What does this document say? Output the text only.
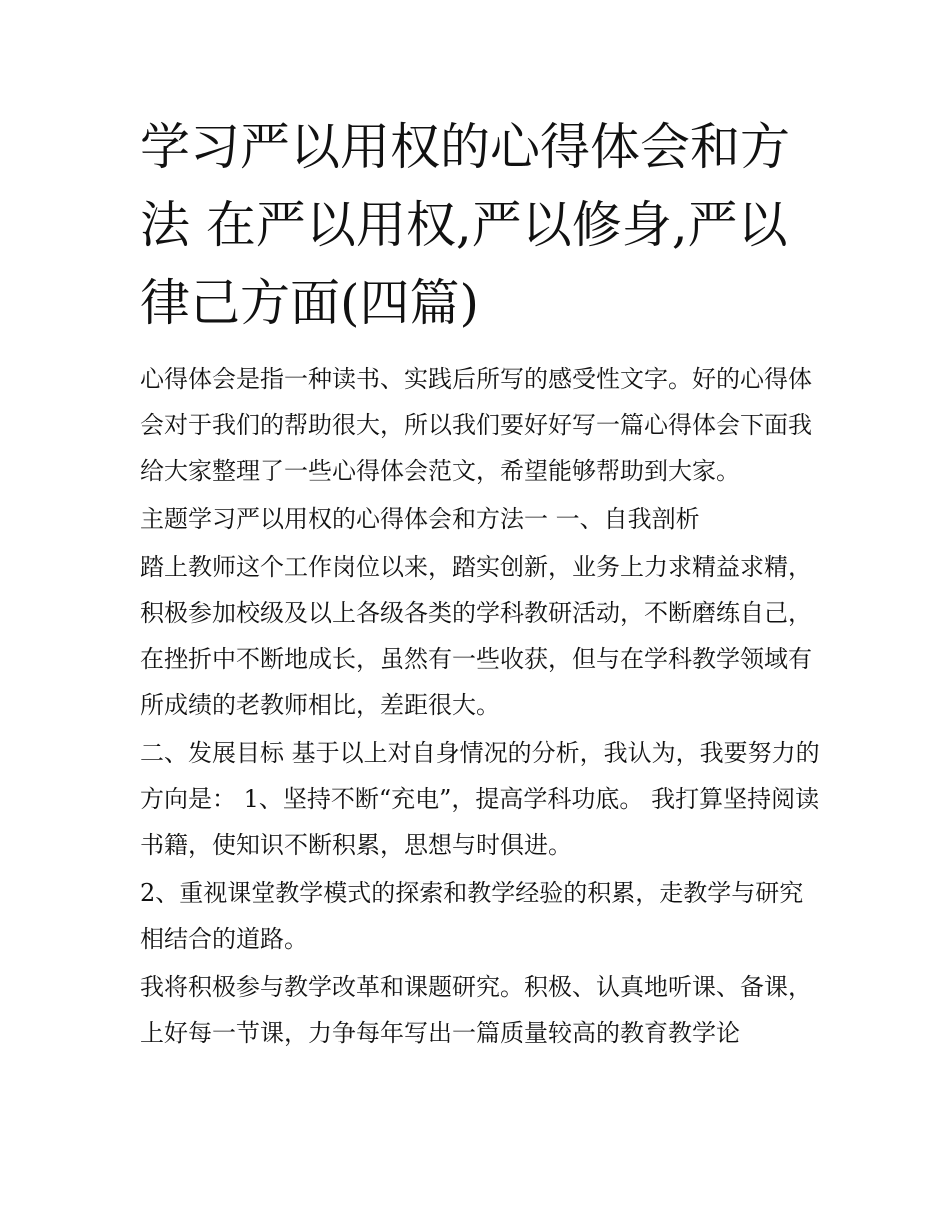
学习严以用权的心得体会和方法 在严以用权,严以修身,严以律己方面(四篇)

心得体会是指一种读书、实践后所写的感受性文字。好的心得体会对于我们的帮助很大，所以我们要好好写一篇心得体会下面我给大家整理了一些心得体会范文，希望能够帮助到大家。

主题学习严以用权的心得体会和方法一 一、自我剖析

踏上教师这个工作岗位以来，踏实创新，业务上力求精益求精，积极参加校级及以上各级各类的学科教研活动，不断磨练自己，在挫折中不断地成长，虽然有一些收获，但与在学科教学领域有所成绩的老教师相比，差距很大。

二、发展目标 基于以上对自身情况的分析，我认为，我要努力的方向是： 1、坚持不断“充电”，提高学科功底。 我打算坚持阅读书籍，使知识不断积累，思想与时俱进。

2、重视课堂教学模式的探索和教学经验的积累，走教学与研究相结合的道路。

我将积极参与教学改革和课题研究。积极、认真地听课、备课，上好每一节课，力争每年写出一篇质量较高的教育教学论
